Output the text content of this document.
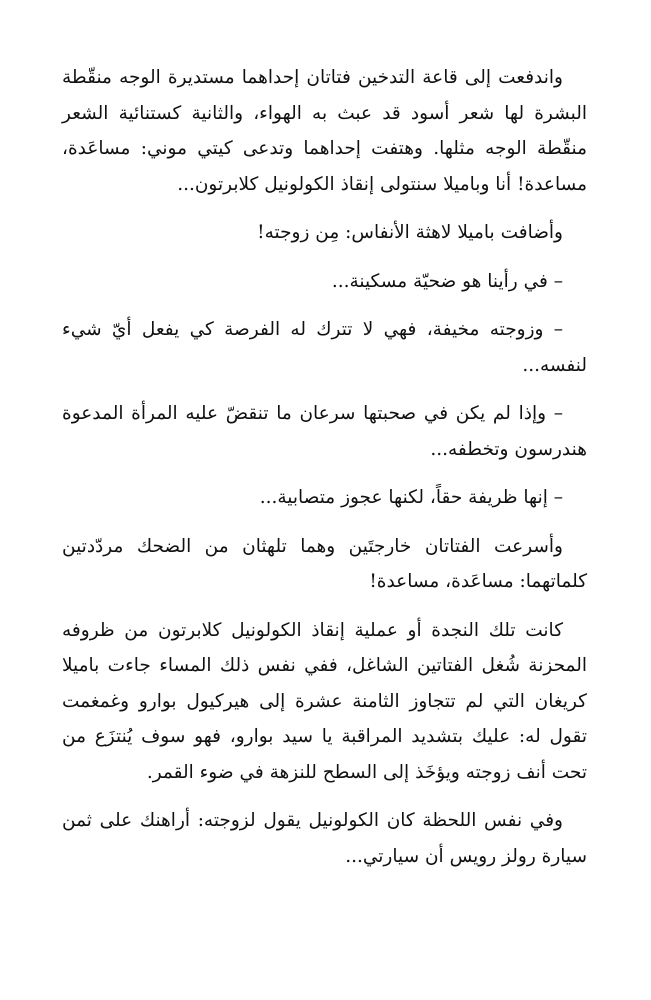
واندفعت إلى قاعة التدخين فتاتان إحداهما مستديرة الوجه منقّطة البشرة لها شعر أسود قد عبث به الهواء، والثانية كستنائية الشعر منقّطة الوجه مثلها. وهتفت إحداهما وتدعى كيتي موني: مساعَدة، مساعدة! أنا وباميلا سنتولى إنقاذ الكولونيل كلابرتون...

وأضافت باميلا لاهثة الأنفاس: مِن زوجته!

– في رأينا هو ضحيّة مسكينة...

– وزوجته مخيفة، فهي لا تترك له الفرصة كي يفعل أيّ شيء لنفسه...

– وإذا لم يكن في صحبتها سرعان ما تنقضّ عليه المرأة المدعوة هندرسون وتخطفه...

– إنها ظريفة حقاً، لكنها عجوز متصابية...

وأسرعت الفتاتان خارجتَين وهما تلهثان من الضحك مردّدتين كلماتهما: مساعَدة، مساعدة!

كانت تلك النجدة أو عملية إنقاذ الكولونيل كلابرتون من ظروفه المحزنة شُغل الفتاتين الشاغل، ففي نفس ذلك المساء جاءت باميلا كريغان التي لم تتجاوز الثامنة عشرة إلى هيركيول بوارو وغمغمت تقول له: عليك بتشديد المراقبة يا سيد بوارو، فهو سوف يُنتزَع من تحت أنف زوجته ويؤخَذ إلى السطح للنزهة في ضوء القمر.

وفي نفس اللحظة كان الكولونيل يقول لزوجته: أراهنك على ثمن سيارة رولز رويس أن سيارتي...
